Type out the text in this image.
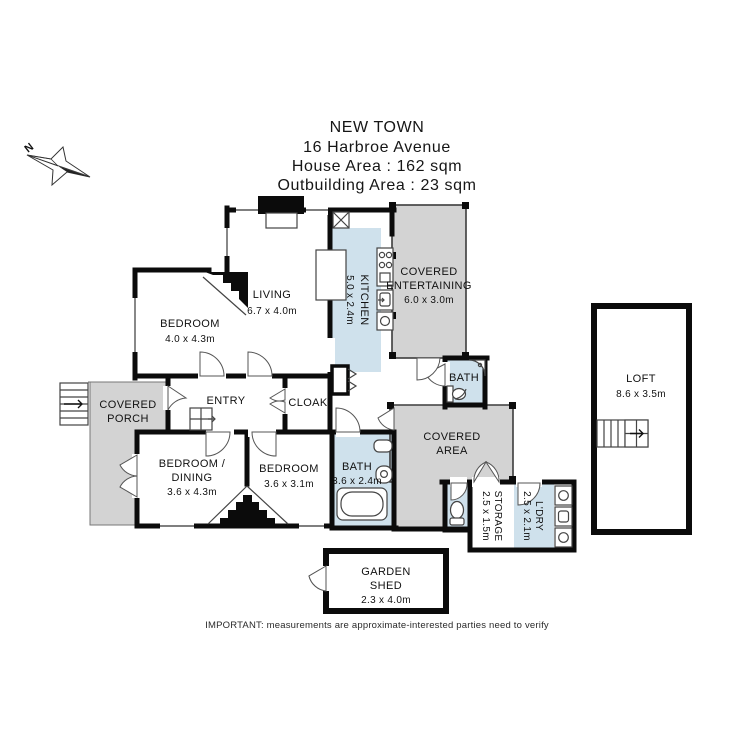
NEW TOWN
16 Harbroe Avenue
House Area : 162 sqm
Outbuilding Area : 23 sqm
N
BEDROOM
4.0 x 4.3m
LIVING
6.7 x 4.0m	KITCHEN
5.0 x 2.4m
COVERED
ENTERTAINING
6.0 x 3.0m
BATH
ENTRY	CLOAK
COVERED
PORCH
BEDROOM /
DINING
3.6 x 4.3m
BEDROOM
3.6 x 3.1m
BATH
3.6 x 2.4m
COVERED
AREA
STORAGE
2.5 x 1.5m	L'DRY
2.5 x 2.1m
LOFT
8.6 x 3.5m
GARDEN
SHED
2.3 x 4.0m
IMPORTANT: measurements are approximate-interested parties need to verify
